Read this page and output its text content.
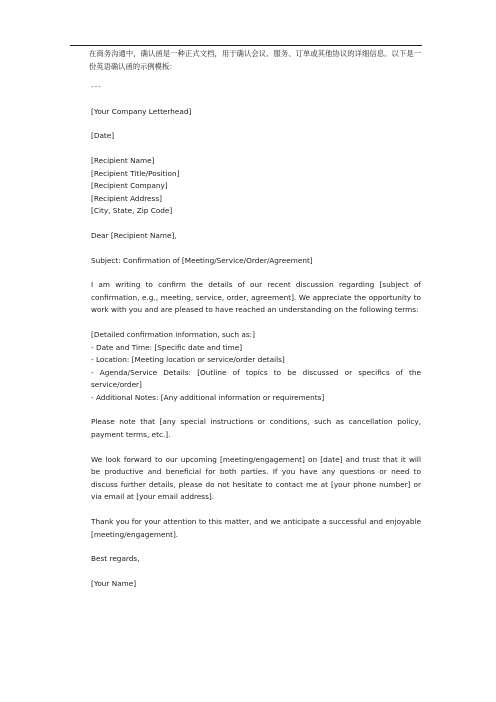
在商务沟通中，确认函是一种正式文档，用于确认会议、服务、订单或其他协议的详细信息。以下是一份英语确认函的示例模板：

---

[Your Company Letterhead]

[Date]

[Recipient Name]

[Recipient Title/Position]

[Recipient Company]

[Recipient Address]

[City, State, Zip Code]

Dear [Recipient Name],

Subject: Confirmation of [Meeting/Service/Order/Agreement]

I am writing to confirm the details of our recent discussion regarding [subject of confirmation, e.g., meeting, service, order, agreement]. We appreciate the opportunity to work with you and are pleased to have reached an understanding on the following terms:

[Detailed confirmation information, such as:]

- Date and Time: [Specific date and time]

- Location: [Meeting location or service/order details]

- Agenda/Service Details: [Outline of topics to be discussed or specifics of the service/order]

- Additional Notes: [Any additional information or requirements]

Please note that [any special instructions or conditions, such as cancellation policy, payment terms, etc.].

We look forward to our upcoming [meeting/engagement] on [date] and trust that it will be productive and beneficial for both parties. If you have any questions or need to discuss further details, please do not hesitate to contact me at [your phone number] or via email at [your email address].

Thank you for your attention to this matter, and we anticipate a successful and enjoyable [meeting/engagement].

Best regards,

[Your Name]
